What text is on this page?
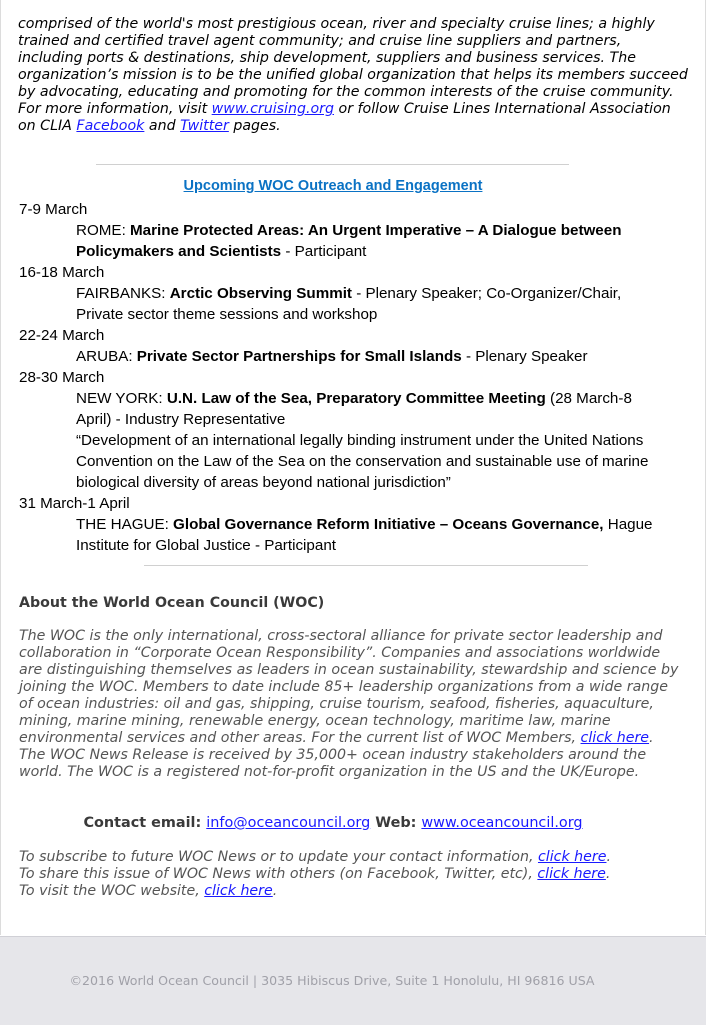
comprised of the world's most prestigious ocean, river and specialty cruise lines; a highly trained and certified travel agent community; and cruise line suppliers and partners, including ports & destinations, ship development, suppliers and business services. The organization’s mission is to be the unified global organization that helps its members succeed by advocating, educating and promoting for the common interests of the cruise community. For more information, visit www.cruising.org or follow Cruise Lines International Association on CLIA Facebook and Twitter pages.
Upcoming WOC Outreach and Engagement
7-9 March
ROME: Marine Protected Areas: An Urgent Imperative – A Dialogue between Policymakers and Scientists - Participant
16-18 March
FAIRBANKS: Arctic Observing Summit - Plenary Speaker; Co-Organizer/Chair, Private sector theme sessions and workshop
22-24 March
ARUBA: Private Sector Partnerships for Small Islands - Plenary Speaker
28-30 March
NEW YORK: U.N. Law of the Sea, Preparatory Committee Meeting (28 March-8 April) - Industry Representative
“Development of an international legally binding instrument under the United Nations Convention on the Law of the Sea on the conservation and sustainable use of marine biological diversity of areas beyond national jurisdiction”
31 March-1 April
THE HAGUE: Global Governance Reform Initiative – Oceans Governance, Hague Institute for Global Justice - Participant
About the World Ocean Council (WOC)
The WOC is the only international, cross-sectoral alliance for private sector leadership and collaboration in “Corporate Ocean Responsibility”. Companies and associations worldwide are distinguishing themselves as leaders in ocean sustainability, stewardship and science by joining the WOC. Members to date include 85+ leadership organizations from a wide range of ocean industries: oil and gas, shipping, cruise tourism, seafood, fisheries, aquaculture, mining, marine mining, renewable energy, ocean technology, maritime law, marine environmental services and other areas. For the current list of WOC Members, click here. The WOC News Release is received by 35,000+ ocean industry stakeholders around the world. The WOC is a registered not-for-profit organization in the US and the UK/Europe.
Contact email: info@oceancouncil.org Web: www.oceancouncil.org
To subscribe to future WOC News or to update your contact information, click here.
To share this issue of WOC News with others (on Facebook, Twitter, etc), click here.
To visit the WOC website, click here.
©2016 World Ocean Council | 3035 Hibiscus Drive, Suite 1 Honolulu, HI 96816 USA
